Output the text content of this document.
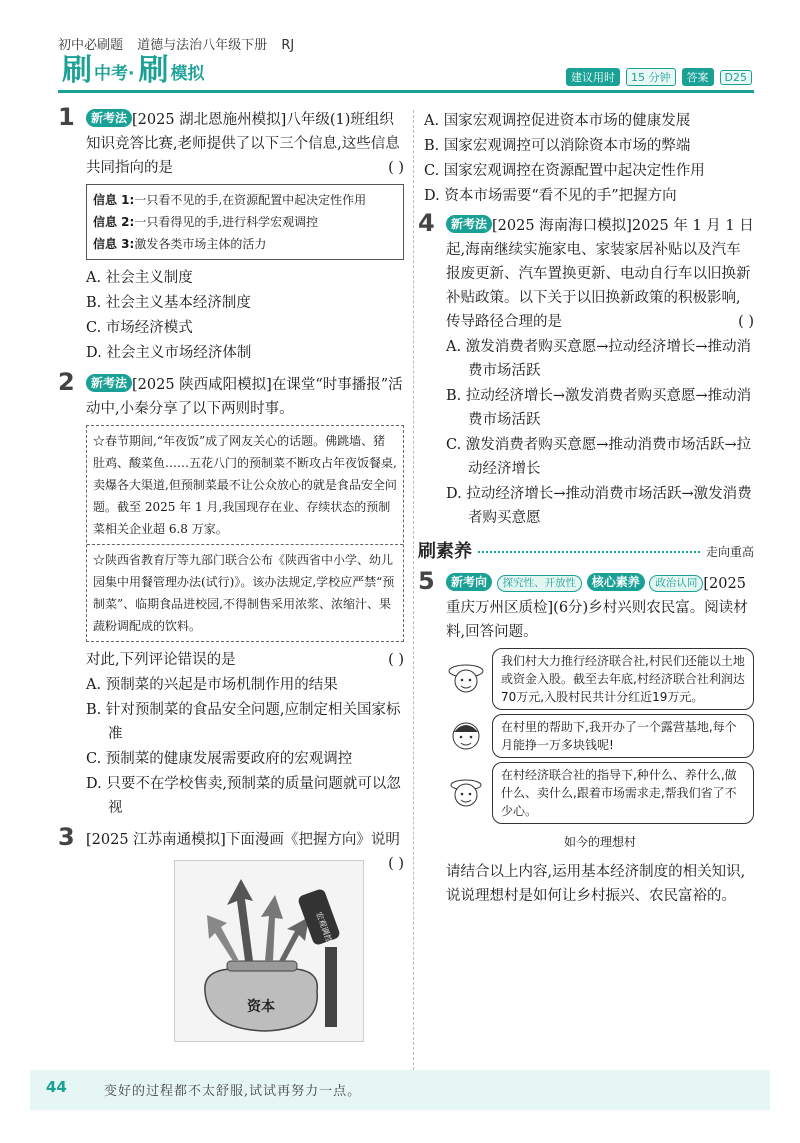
初中必刷题 道德与法治八年级下册 RJ
刷 中考· 刷 模拟	建议用时	15 分钟	答案	D25
1 新考法 [2025 湖北恩施州模拟]八年级(1)班组织知识竞答比赛,老师提供了以下三个信息,这些信息共同指向的是	( )
信息 1:一只看不见的手,在资源配置中起决定性作用
信息 2:一只看得见的手,进行科学宏观调控
信息 3:激发各类市场主体的活力
A. 社会主义制度
B. 社会主义基本经济制度
C. 市场经济模式
D. 社会主义市场经济体制
2 新考法 [2025 陕西咸阳模拟]在课堂“时事播报”活动中,小秦分享了以下两则时事。
☆春节期间,“年夜饭”成了网友关心的话题。佛跳墙、猪肚鸡、酸菜鱼……五花八门的预制菜不断攻占年夜饭餐桌,卖爆各大渠道,但预制菜最不让公众放心的就是食品安全问题。截至 2025 年 1 月,我国现存在业、存续状态的预制菜相关企业超 6.8 万家。
☆陕西省教育厅等九部门联合公布《陕西省中小学、幼儿园集中用餐管理办法(试行)》。该办法规定,学校应严禁“预制菜”、临期食品进校园,不得制售采用浓浆、浓缩汁、果蔬粉调配成的饮料。
对此,下列评论错误的是	( )
A. 预制菜的兴起是市场机制作用的结果
B. 针对预制菜的食品安全问题,应制定相关国家标准
C. 预制菜的健康发展需要政府的宏观调控
D. 只要不在学校售卖,预制菜的质量问题就可以忽视
3 [2025 江苏南通模拟]下面漫画《把握方向》说明
( )
宏观调控
资本
A. 国家宏观调控促进资本市场的健康发展
B. 国家宏观调控可以消除资本市场的弊端
C. 国家宏观调控在资源配置中起决定性作用
D. 资本市场需要“看不见的手”把握方向
4 新考法 [2025 海南海口模拟]2025 年 1 月 1 日起,海南继续实施家电、家装家居补贴以及汽车报废更新、汽车置换更新、电动自行车以旧换新补贴政策。以下关于以旧换新政策的积极影响,传导路径合理的是	( )
A. 激发消费者购买意愿→拉动经济增长→推动消费市场活跃
B. 拉动经济增长→激发消费者购买意愿→推动消费市场活跃
C. 激发消费者购买意愿→推动消费市场活跃→拉动经济增长
D. 拉动经济增长→推动消费市场活跃→激发消费者购买意愿
刷素养	走向重高
5 新考向 探究性、开放性 核心素养 政治认同 [2025 重庆万州区质检](6分)乡村兴则农民富。阅读材料,回答问题。
我们村大力推行经济联合社,村民们还能以土地或资金入股。截至去年底,村经济联合社利润达70万元,入股村民共计分红近19万元。
在村里的帮助下,我开办了一个露营基地,每个月能挣一万多块钱呢!
在村经济联合社的指导下,种什么、养什么,做什么、卖什么,跟着市场需求走,帮我们省了不少心。
如今的理想村
请结合以上内容,运用基本经济制度的相关知识,说说理想村是如何让乡村振兴、农民富裕的。
44	变好的过程都不太舒服,试试再努力一点。
